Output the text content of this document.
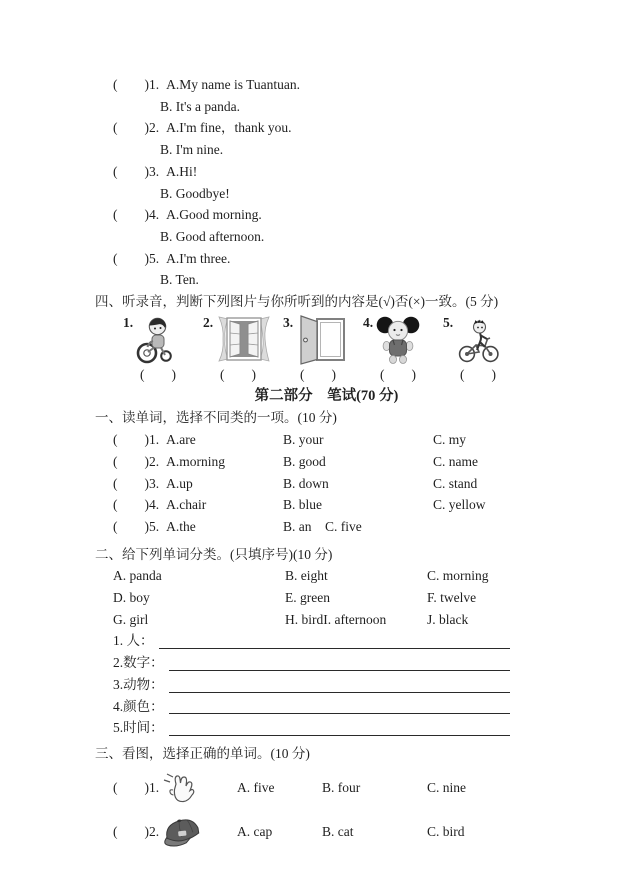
(  )1. A.My name is Tuantuan.
B. It's a panda.
(  )2. A.I'm fine，thank you.
B. I'm nine.
(  )3. A.Hi!
B. Goodbye!
(  )4. A.Good morning.
B. Good afternoon.
(  )5. A.I'm three.
B. Ten.
四、听录音，判断下列图片与你所听到的内容是(√)否(×)一致。(5 分)
1.
(  )
2.
(  )
3.
(  )
4.
(  )
5.
(  )
第二部分　笔试(70 分)
一、读单词，选择不同类的一项。(10 分)
(  )1. A.are	B. your	C. my
(  )2. A.morning	B. good	C. name
(  )3. A.up	B. down	C. stand
(  )4. A.chair	B. blue	C. yellow
(  )5. A.the	B. an C. five
二、给下列单词分类。(只填序号)(10 分)
A. panda	B. eight	C. morning
D. boy	E. green	F. twelve
G. girl	H. birdI. afternoon	J. black
1. 人：
2.数字：
3.动物：
4.颜色：
5.时间：
三、看图，选择正确的单词。(10 分)
(  )1.	A. five	B. four	C. nine
(  )2.	A. cap	B. cat	C. bird
